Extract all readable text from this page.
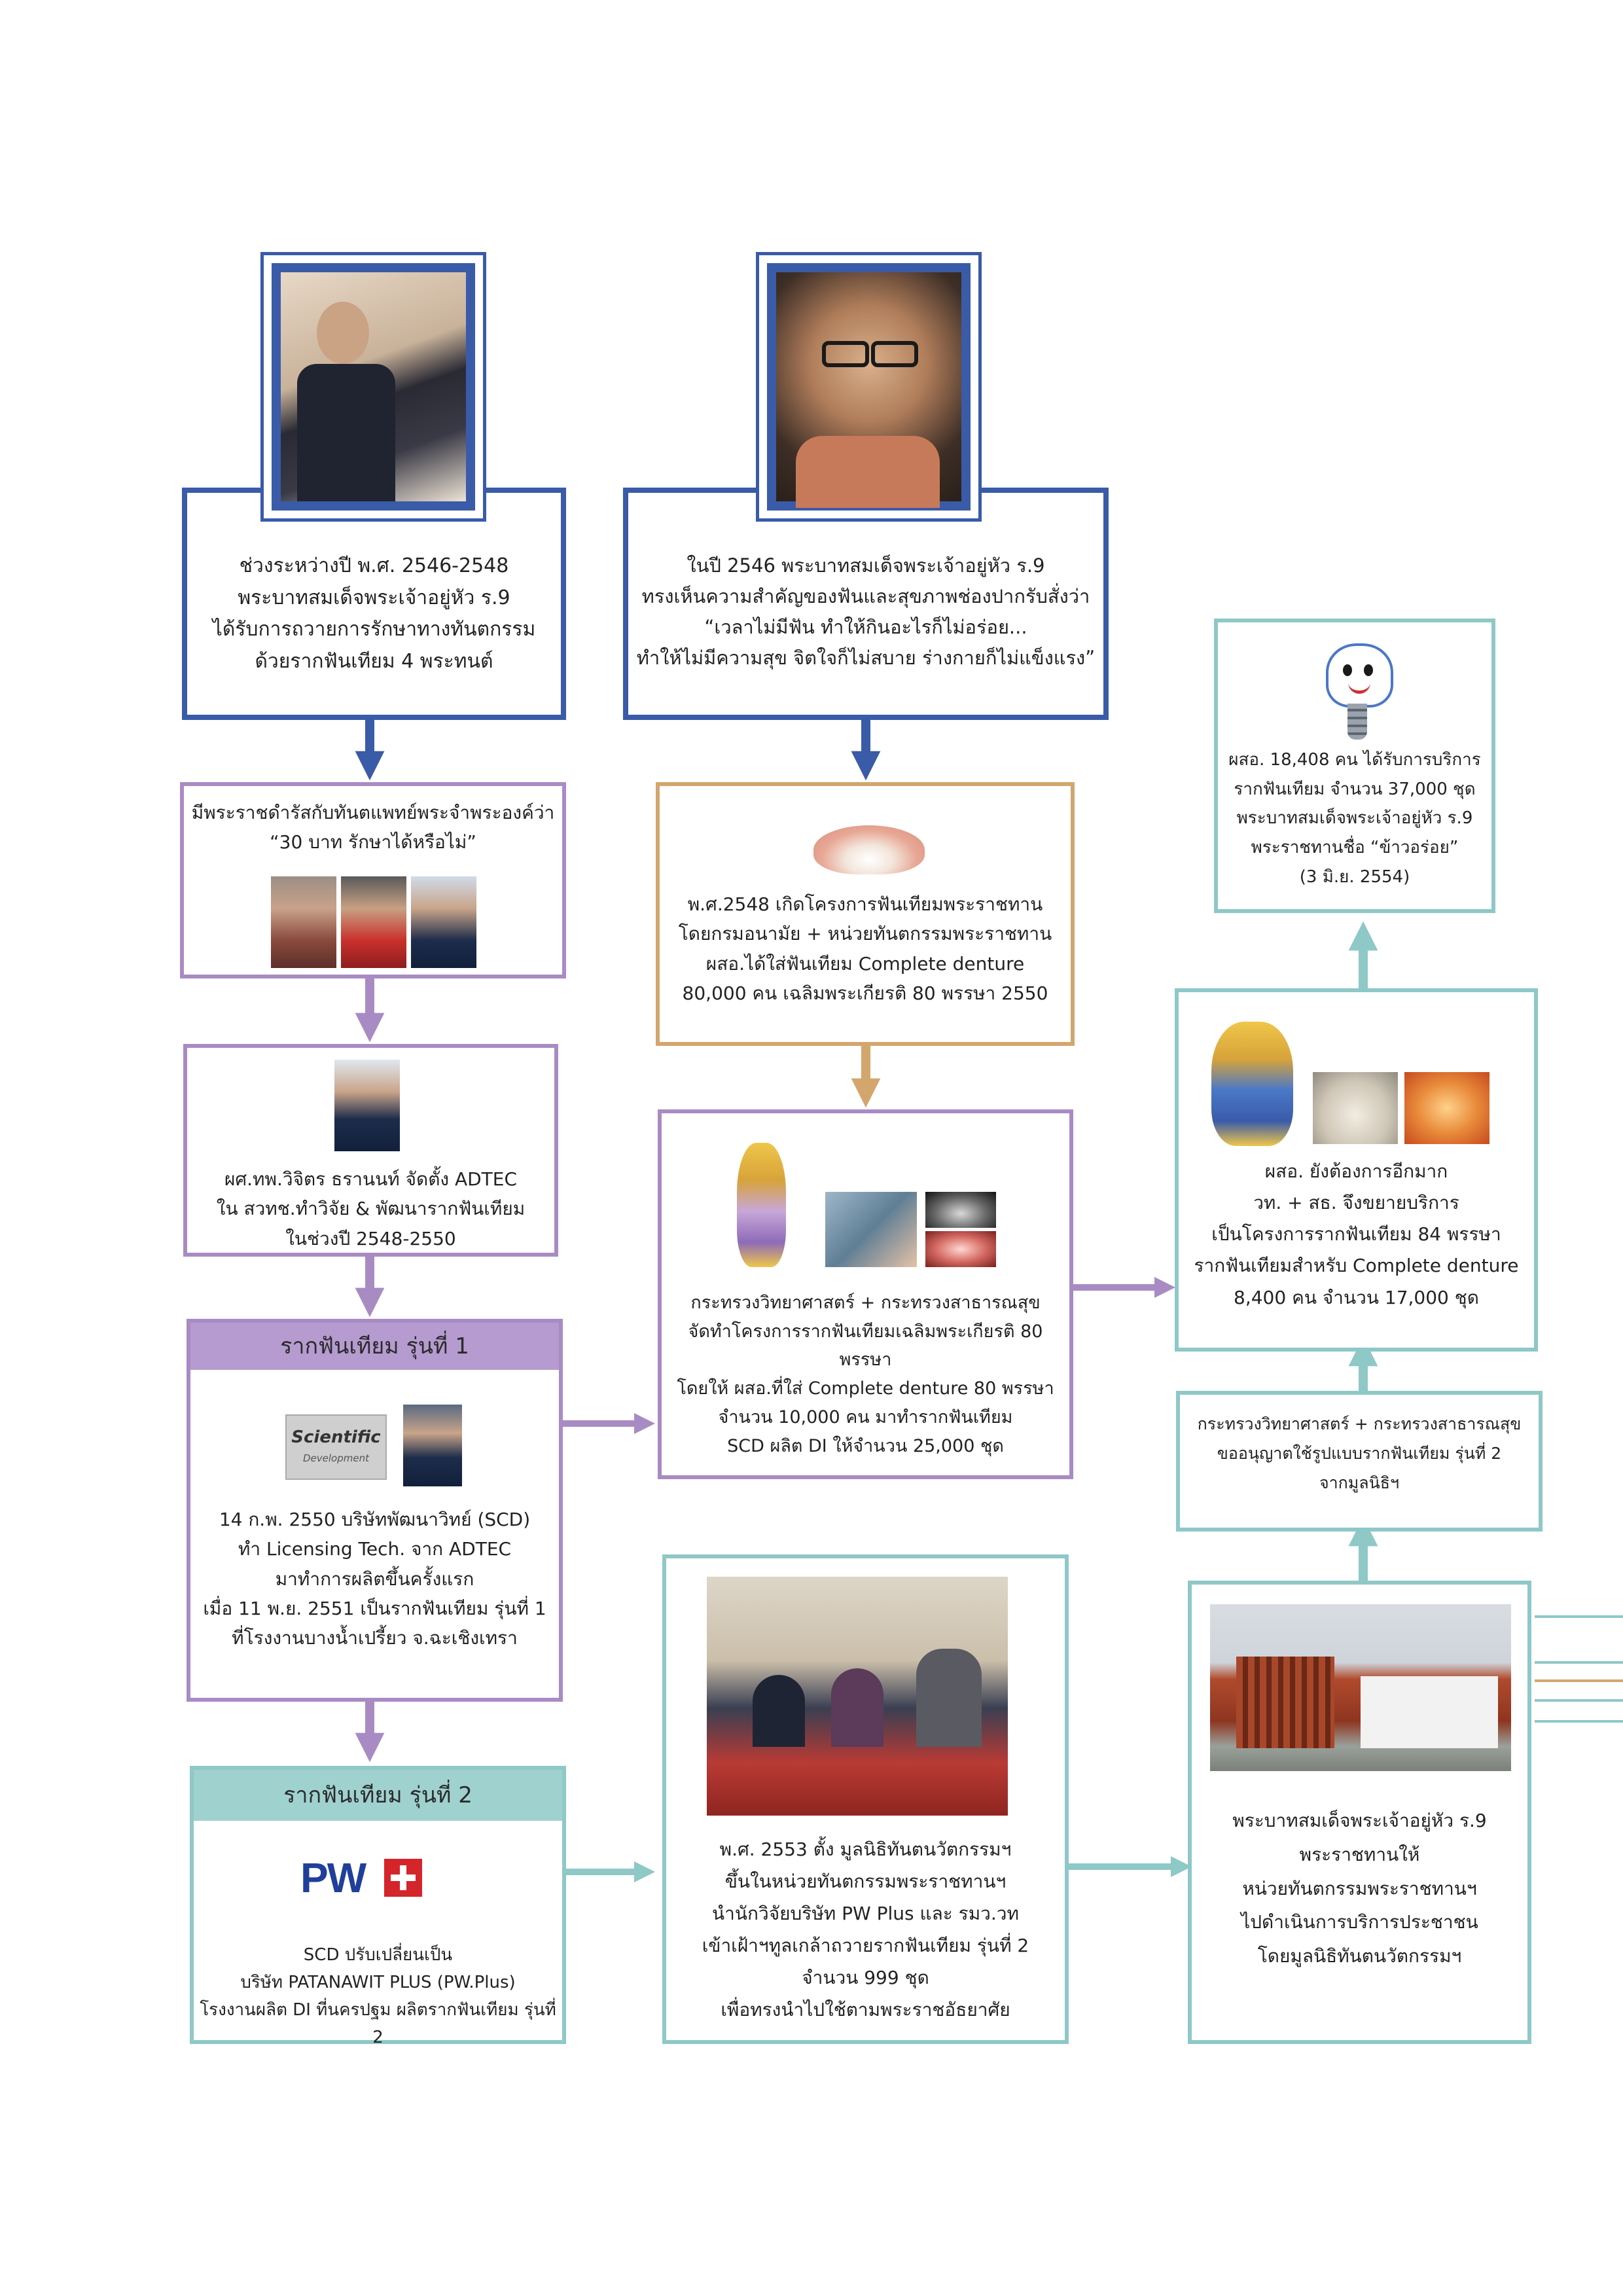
ช่วงระหว่างปี พ.ศ. 2546-2548
พระบาทสมเด็จพระเจ้าอยู่หัว ร.9
ได้รับการถวายการรักษาทางทันตกรรม
ด้วยรากฟันเทียม 4 พระทนต์
ในปี 2546 พระบาทสมเด็จพระเจ้าอยู่หัว ร.9
ทรงเห็นความสำคัญของฟันและสุขภาพช่องปากรับสั่งว่า
“เวลาไม่มีฟัน ทำให้กินอะไรก็ไม่อร่อย...
ทำให้ไม่มีความสุข จิตใจก็ไม่สบาย ร่างกายก็ไม่แข็งแรง”
มีพระราชดำรัสกับทันตแพทย์พระจำพระองค์ว่า
“30 บาท รักษาได้หรือไม่”
ผศ.ทพ.วิจิตร ธรานนท์ จัดตั้ง ADTEC
ใน สวทช.ทำวิจัย & พัฒนารากฟันเทียม
ในช่วงปี 2548-2550
รากฟันเทียม รุ่นที่ 1
Scientific
Development
14 ก.พ. 2550 บริษัทพัฒนาวิทย์ (SCD)
ทำ Licensing Tech. จาก ADTEC
มาทำการผลิตขึ้นครั้งแรก
เมื่อ 11 พ.ย. 2551 เป็นรากฟันเทียม รุ่นที่ 1
ที่โรงงานบางน้ำเปรี้ยว จ.ฉะเชิงเทรา
รากฟันเทียม รุ่นที่ 2
PW
SCD ปรับเปลี่ยนเป็น
บริษัท PATANAWIT PLUS (PW.Plus)
โรงงานผลิต DI ที่นครปฐม ผลิตรากฟันเทียม รุ่นที่ 2
พ.ศ.2548 เกิดโครงการฟันเทียมพระราชทาน
โดยกรมอนามัย + หน่วยทันตกรรมพระราชทาน
ผสอ.ได้ใส่ฟันเทียม Complete denture
80,000 คน เฉลิมพระเกียรติ 80 พรรษา 2550
กระทรวงวิทยาศาสตร์ + กระทรวงสาธารณสุข
จัดทำโครงการรากฟันเทียมเฉลิมพระเกียรติ 80 พรรษา
โดยให้ ผสอ.ที่ใส่ Complete denture 80 พรรษา
จำนวน 10,000 คน มาทำรากฟันเทียม
SCD ผลิต DI ให้จำนวน 25,000 ชุด
พ.ศ. 2553 ตั้ง มูลนิธิทันตนวัตกรรมฯ
ขึ้นในหน่วยทันตกรรมพระราชทานฯ
นำนักวิจัยบริษัท PW Plus และ รมว.วท
เข้าเฝ้าฯทูลเกล้าถวายรากฟันเทียม รุ่นที่ 2
จำนวน 999 ชุด
เพื่อทรงนำไปใช้ตามพระราชอัธยาศัย
ผสอ. 18,408 คน ได้รับการบริการ
รากฟันเทียม จำนวน 37,000 ชุด
พระบาทสมเด็จพระเจ้าอยู่หัว ร.9
พระราชทานชื่อ “ข้าวอร่อย”
(3 มิ.ย. 2554)
ผสอ. ยังต้องการอีกมาก
วท. + สธ. จึงขยายบริการ
เป็นโครงการรากฟันเทียม 84 พรรษา
รากฟันเทียมสำหรับ Complete denture
8,400 คน จำนวน 17,000 ชุด
กระทรวงวิทยาศาสตร์ + กระทรวงสาธารณสุข
ขออนุญาตใช้รูปแบบรากฟันเทียม รุ่นที่ 2
จากมูลนิธิฯ
พระบาทสมเด็จพระเจ้าอยู่หัว ร.9
พระราชทานให้
หน่วยทันตกรรมพระราชทานฯ
ไปดำเนินการบริการประชาชน
โดยมูลนิธิทันตนวัตกรรมฯ
